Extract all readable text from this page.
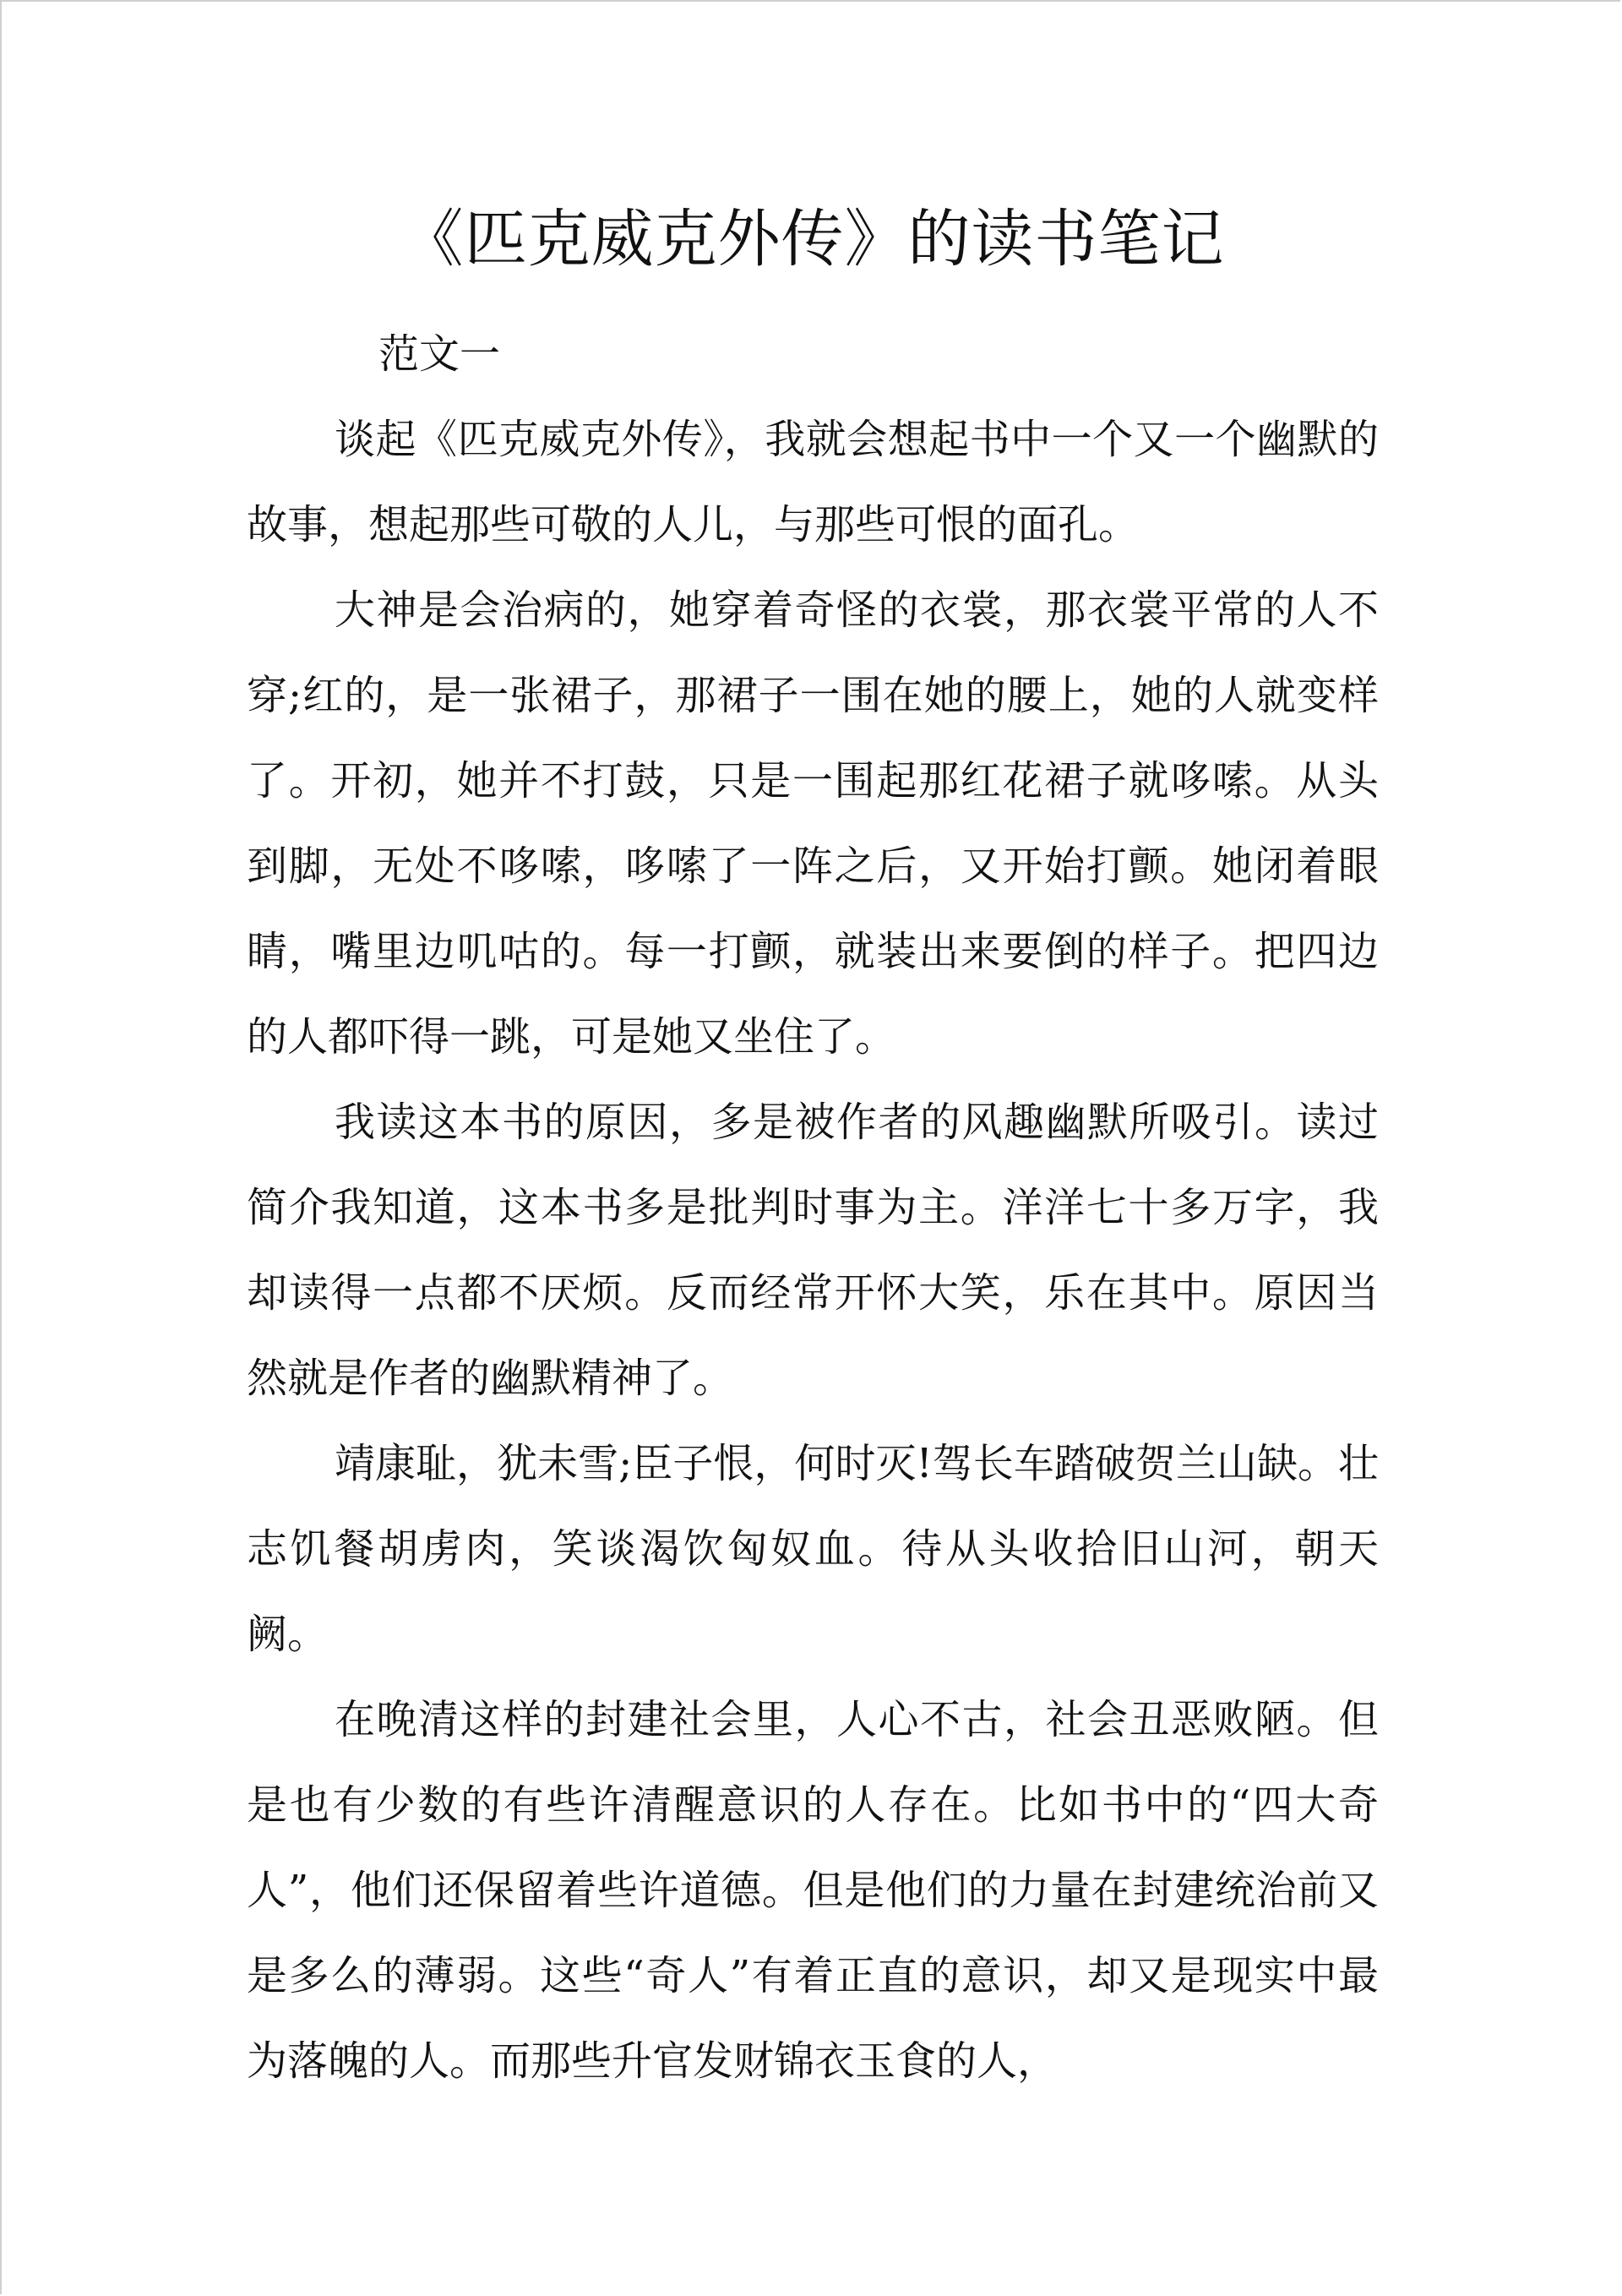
《匹克威克外传》的读书笔记

范文一

谈起《匹克威克外传》，我就会想起书中一个又一个幽默的故事，想起那些可敬的人儿，与那些可恨的面孔。

大神是会治病的，她穿着奇怪的衣裳，那衣裳平常的人不穿;红的，是一张裙子，那裙子一围在她的腰上，她的人就变样了。开初，她并不打鼓，只是一围起那红花裙子就哆嗦。从头到脚，无处不哆嗦，哆嗦了一阵之后，又开始打颤。她闭着眼睛，嘴里边叽咕的。每一打颤，就装出来要倒的样子。把四边的人都吓得一跳，可是她又坐住了。

我读这本书的原因，多是被作者的风趣幽默所吸引。读过简介我知道，这本书多是批判时事为主。洋洋七十多万字，我却读得一点都不厌烦。反而经常开怀大笑，乐在其中。原因当然就是作者的幽默精神了。

靖康耻，犹未雪;臣子恨，何时灭!驾长车踏破贺兰山缺。壮志饥餐胡虏肉，笑谈渴饮匈奴血。待从头收拾旧山河，朝天阙。

在晚清这样的封建社会里，人心不古，社会丑恶败陋。但是也有少数的有些许清醒意识的人存在。比如书中的“四大奇人”，他们还保留着些许道德。但是他们的力量在封建统治前又是多么的薄弱。这些“奇人”有着正直的意识，却又是现实中最为落魄的人。而那些升官发财锦衣玉食的人，
